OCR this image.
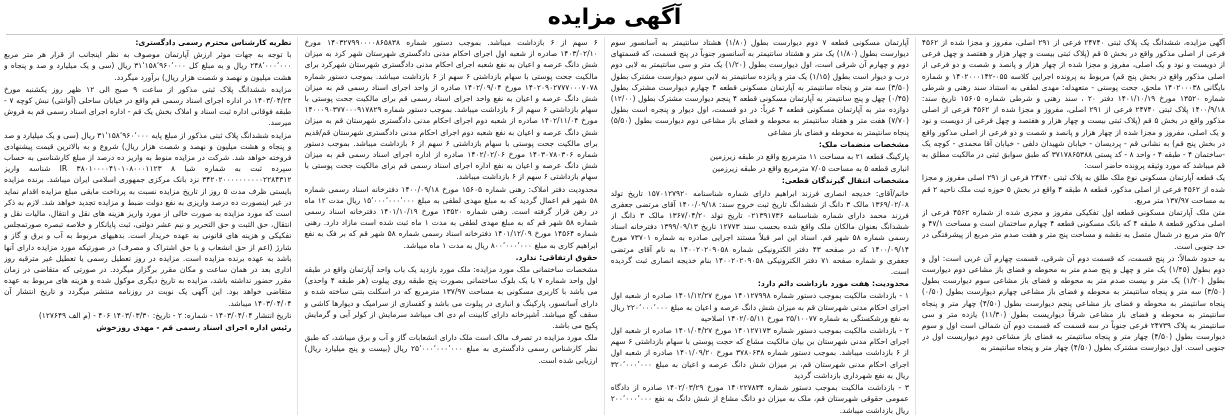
آگهی مزایده

آگهی مزایده، ششدانگ یک پلاک ثبتی ۲۴۷۴۰ فرعی از ۲۹۱ اصلی، مفروز و مجزا شده از ۴۵۶۲ فرعی از اصلی مذکور واقع در بخش ۵ قم (پلاک ثبتی بیست و چهار هزار و هفتصد و چهل فرعی از دویست و نود و یک اصلی، مفروز و مجزا شده از چهار هزار و پانصد و شصت و دو فرعی از اصلی مذکور واقع در بخش پنج قم) مربوط به پرونده اجرایی کلاسه ۰۵۵-۱۴۰۲۰۰۰۱۴۲ و شماره بایگانی ۱۴۰۲۰۰۰۳۸ ملحق، جحت پوستی - متعهدله: مهدی لطفی به استناد سند رهنی و شرطی شماره ۱۳۵۲۰ مورخ ۱۴۰۱/۱۰/۱۹ دفتر ۲۰ ، سند رهنی و شرطی شماره ۱۵۶۰۵ تاریخ سند: ۱۴۰۰/۹/۱۸ پلاک ثبتی ۲۴۷۴۰ فرعی از ۲۹۱ اصلی، مفروز و مجزا شده از ۴۵۶۲ فرعی از اصلی مذکور واقع در بخش ۵ قم (پلاک ثبتی بیست و چهار هزار و هفتصد و چهل فرعی از دویست و نود و یک اصلی، مفروز و مجزا شده از چهار هزار و پانصد و شصت و دو فرعی از اصلی مذکور واقع در بخش پنج قم) به نشانی قم - پردیسان - خیابان شهیدان دلفی - خیابان آقا محمدی - کوچه یک -ساختمان ۴ - طبقه ۴ - واحد ۸ - کد پستی ۳۷۱۷۸۶۵۳۸۸ که طبق سوابق ثبتی در مالکیت مطلق به قم میباشد که مورد وثیقه پرونده حاضر است:

یک قطعه آپارتمان مسکونی نوع ملک طلق به پلاک ثبتی ۲۴۷۴۰ فرعی از ۲۹۱ اصلی مفروز و مجزا شده از ۴۵۶۲ فرعی از اصلی مذکور، قطعه ۸ طبقه ۴ واقع در بخش ۵ حوزه ثبت ملک ناحیه ۲ قم به مساحت ۱۳۷/۹۷ متر مربع.

متن ملک آپارتمان مسکونی قطعه اول تفکیکی مفروز و مجزی شده از شماره ۴۵۶۲ فرعی از اصلی مذکور قطعه ۸ طبقه ۴ که بانک مسکونی قطعه ۴ چهارم ساختمان است و مساحت ۴۷/۱ و ۵/۲ متر مربع در شمال متصل به نقشه و مساحت پنج متر و هفت صدم متر مربع از پیشرفتگی در حد جنوبی است.

به حدود شمالاً: در پنج قسمت، که قسمت دوم آن شرقی، قسمت چهارم آن غربی است: اول و دوم بطول (۱/۴۵) یک متر و چهل و پنج صدم متر به محوطه و فضای باز مشاعی دوم دیوارست بطول (۱/۲۰) یک متر و بیست صدم متر به محوطه و فضای باز مشاعی سوم دیوارست بطول (۳/۵۰) سه متر و پنجاه سانتیمتر به محوطه و فضای باز مشاعی چهارم دیوارست بطول (۰/۵۰) پنجاه سانتیمتر به محوطه و فضای باز مشاعی پنجم دیوارست بطول (۴/۵۰) چهار متر و پنجاه سانتیمتر به محوطه و فضای باز مشاعی شرقاً دیواریست بطول (۱۱/۳۰) یازده متر و سی سانتیمتر به پلاک ۲۴۷۳۹ فرعی جنوباً در سه قسمت که قسمت دوم آن شمالی است اول و سوم دیوارست بطول (۴/۵۰) چهار متر و پنجاه سانتیمتر به فضای باز مشاعی دوم دیواریست اول در جنوبی است. اول دیوارست مشترک بطول (۴/۵۰) چهار متر و پنجاه سانتیمتر به

آپارتمان مسکونی قطعه ۷ دوم دیوارست بطول (۱/۸۰) هشتاد سانتیمتر به آسانسور سوم دیوارست بطول (۱/۸۰) یک متر و هشتاد سانتیمتر به آسانسور جنوباً در پنج قسمت، که قسمتهای دوم و چهارم آن شرقی است، اول دیوارست بطول (۱/۲۰) یک متر و سی سانتیمتر به لابی دوم درب و دیوار است بطول (۱/۱۵) یک متر و پانزده سانتیمتر به لابی سوم دیوارست مشترک بطول (۳/۵۰) سه متر و پنجاه سانتیمتر به آپارتمان مسکونی قطعه ۴ چهارم دیوارست مشترک بطول (۰/۴۵) چهل و پنج سانتیمتر به آپارتمان مسکونی قطعه ۴ پنجم دیوارست مشترک بطول (۱۲/۰۰) دوازده متر به آپارتمان مسکونی قطعه ۴ غرباً: در دو قسمت، اول دیوار و پنجره است بطول (۷/۷۰) هفت متر و هفتاد سانتیمتر به محوطه و فضای باز مشاعی دوم دیوارست بطول (۵/۵۰) پنجاه سانتیمتر به محوطه و فضای باز مشاعی

مشخصات منضمات ملک:

پارکینگ قطعه ۲۱ به مساحت ۱۱ مترمربع واقع در طبقه زیرزمین

انباری قطعه ۵ به مساحت ۷/۰۵ مترمربع واقع در طبقه زیرزمین

مشخصات انتقال گیرندگان قطعی:

خانم/آقای: خدیجه انصاری فرزند ابراهیم دارای شماره شناسنامه ۱۵۷۰۱۲۷۹۲۰ تاریخ تولد ۱۳۶۹/۰۲/۰۸ مالک ۳ دانگ از ششدانگ تاریخ ثبت خروج سند: ۱۴۰۰/۰۹/۱۸ آقای مرتضی جعفری فرزند محمد دارای شماره شناسنامه ۰۲۱۳۹۱۷۳۶ تاریخ تولد ۱۳۶۷/۰۴/۲۰ مالک ۳ دانگ از ششدانگ بعنوان مالکان ملک واقع شده بحسب سند ۱۲۷۷۳ تاریخ ۱۳۹۹/۰۹/۱۳ دفترخانه اسناد رسمی شماره ۵۸ شهر قم. اسناد این امر قبلاً مستند اجرایی صادره به شماره ۷۳۷۰۱ مورخ ۱۴۰۰/۰۹/۱۴ که در صفحه ۴۳ دفتر الکترونیکی شماره ۱۴۰۰۲۰۲۰۹۰۵۸ به نام آقای مرتضی جعفری و شماره صفحه ۷۱ دفتر الکترونیکی ۱۴۰۰۲۰۲۰۹۰۵۸ بنام خدیجه انصاری ثبت گردیده است.

محدودیت: هفت مورد بازداشت دائم دارد:

۱ - بازداشت مالکیت بموجب دستور شماره ۱۴۰۱۲۷۹۹۸ مورخ ۱۴۰۱/۱۲/۲۷ صادره از شعبه اول اجرای احکام مدنی شهرستان قم به میزان شش دانگ عرصه و اعیان به مبلغ ۲۲۰٬۰۰۰٬۰۰۰ ریال به نفع ورشکستگی به شماره ۲۵/۱۰۰۷۷ مورخ ۱۴۰۲/۰۵/۱۱ اصلاحیه

۲ - بازداشت مالکیت بموجب دستور شماره ۱۴۰۱۲۷۱۷۳ مورخ ۱۴۰۱/۰۴/۲۷ صادره از شعبه اول اجرای احکام مدنی شهرستان بن بیان مالکیت مشاع که حجت پوستی با سهام بازداشتی ۶ سهم از ۶ بازداشت میباشد. بموجب دستور شماره ۳۷۸۰۶۳۸ مورخ ۱۴۰۱/۰۹/۲۰ صادره از شعبه اول اجرای احکام مدنی شهرستان قم، بر میزان شش دانگ عرصه و اعیان به مبلغ ۳۲۰٬۰۰۰٬۰۰۰ ریال به نفع شهرداری بازداشت گردید

۳ - بازداشت مالکیت بموجب دستور شماره ۱۴۰۲۲۷۸۳۴ مورخ ۱۴۰۲/۰۳/۲۹ صادره از دادگاه عمومی حقوقی شهرستان قم، ملک به میزان دو دانگ مشاع از شش دانگ به نفع ۲۰۰٬۰۰۰٬۰۰۰ ریال بازداشت میباشد.

۶ سهم از ۶ بازداشت میباشد. بموجب دستور شماره ۱۴۰۳۲۷۹۹۰۰۰۰۸۶۵۸۳۸ مورخ ۱۴۰۳/۰۲/۱۰ صادره از شعبه اول اجرای احکام مدنی دادگستری شهرستان شهر کرد به میزان شش دانگ عرصه و اعیان به نفع شعبه اجرای احکام مدنی دادگستری شهرستان شهرکرد برای مالکیت جحت پوستی با سهام بازداشتی ۶ سهم از ۶ بازداشت میباشد. بموجب دستور شماره ۱۴۰۲۰۹۰۲۷۷۷۰۰۰۷۰۷۸ مورخ ۱۴۰۲/۰۹/۰۴ صادره از واحد اجرای اسناد رسمی قم به میزان شش دانگ عرصه و اعیان به نفع واحد اجرای اسناد رسمی قم برای مالکیت جحت پوستی با سهام بازداشتی ۶ سهم از ۶ بازداشت میباشد. بموجب دستور شماره ۱۴۰۰۰۹۰۳۷۷۰۰۰۹۱۷۸۲۹ مورخ ۱۴۰۲/۱۱/۰۴ صادره از شعبه دوم اجرای احکام مدنی دادگستری شهرستان قم به میزان شش دانگ عرصه و اعیان به نفع شعبه دوم اجرای احکام مدنی دادگستری شهرستان قم/قدیم برای مالکیت جحت پوستی با سهام بازداشتی ۶ سهم از ۶ بازداشت میباشد. بموجب دستور شماره ۱۴۰۳۰۷۸۰۳۰۶ مورخ ۱۴۰۲/۰۲/۰۶ صادره از اداره اجرای اسناد رسمی قم به میزان شش دانگ عرصه و اعیان به نفع اداره اجرای اسناد رسمی قم برای مالکیت جحت پوستی با سهام بازداشتی ۶ سهم از ۶ بازداشت میباشد.

محدودیت دفتر املاک: رهنی شماره ۱۵۶۰۵ مورخ ۱۴۰۰/۰۹/۱۸ دفترخانه اسناد رسمی شماره ۵۸ شهر قم اعمال گردید که به مبلغ مهدی لطفی به مبلغ ۱۵٬۰۰۰٬۰۰۰٬۰۰۰ ریال مدت ۱۲ ماه در رهن قرار گرفته است. رهنی شماره ۱۳۵۲۰ مورخ ۱۴۰۱/۱۰/۱۹ دفترخانه اسناد رسمی شماره ۵۸ شهر قم که به مبلغ مهدی لطفی به مدت ۱ ماه ثبت شده است مازاد دارد. رهنی شماره ۱۴۵۶۴ مورخ ۱۴۰۱/۱۲/۰۹ دفترخانه اسناد رسمی شماره ۵۸ شهر قم که بر فک به نفع ابراهیم کاری به مبلغ ۸۰۰٬۰۰۰٬۰۰۰ ریال به مدت ۱ ماه میباشد.

حقوق ارتفاقی: ندارد.

مشخصات ساختمانی ملک مورد مزایده: ملک مورد بازدید یک باب واحد آپارتمان واقع در طبقه اول واحد شماره ۷ با یک بلوک ساختمانی بصورت پنج طبقه روی پیلوت (هر طبقه ۴ واحدی) می باشد با کاربری مسکونی به مساحت ۱۳۷/۹۷ مترمربع که در اسکلت بتنی ساخته شده و دارای آسانسور، پارکینگ و انباری در پیلوت می باشد و کفسازی از سرامیک و دیوارها کاشی و سقف گچ میباشد. آشپزخانه دارای کابینت ام دی اف میباشد سرمایش از کولر آبی و گرمایش پکیج می باشد.

ملک مورد مزایده در تصرف مالک است ملک دارای انشعابات گاز و آب و برق میباشد، که طبق نظر کارشناس رسمی دادگستری به مبلغ ۲۵٬۰۰۰٬۰۰۰٬۰۰۰ ریال (بیست و پنج میلیارد ریال) ارزیابی شده است.

نظریه کارشناس محترم رسمی دادگستری:

با توجه به جهات موثر ارزش آپارتمان موصوف به نظر اینجانب از قرار هر متر مربع ۲۴۸٬۰۰۰٬۰۰۰ ریال و به مبلغ کل ۳۱٬۱۵۸٬۹۶۰٬۰۰۰ ریال (سی و یک میلیارد و صد و پنجاه و هشت میلیون و نهصد و شصت هزار ریال) برآورد میگردد.

مزایده ششدانگ پلاک ثبتی مذکور از ساعت ۹ صبح الی ۱۲ ظهر روز یکشنبه مورخ ۱۴۰۳/۰۴/۲۳ در اداره اجرای اسناد رسمی قم واقع در خیابان ساحلی (آوانتی) نبش کوچه ۷ - طبقه فوقانی اداره ثبت اسناد و املاک بخش یک قم - اداره اجرای اسناد رسمی قم به فروش میرسد.

مزایده ششدانگ پلاک ثبتی مذکور از مبلغ پایه ۳۱٬۱۵۸٬۹۶۰٬۰۰۰ ریال (سی و یک میلیارد و صد و پنجاه و هشت میلیون و نهصد و شصت هزار ریال) شروع و به بالاترین قیمت پیشنهادی فروخته خواهد شد. شرکت در مزایده منوط به واریز ده درصد از مبلغ کارشناسی به حساب سپرده ثبت به شماره شبا IR ۳۸۰۱۰۰۰۰۴۱۰۱۰۸۰۰۰۱۱۲۳ ۸ شناسه واریز ۳۴۲۰۲۰۰۰۰۰۰۰۰۰۰۲۲۸۴۳۱۲ نزد بانک مرکزی جمهوری اسلامی ایران میباشد. برنده مزایده بایستی ظرف مدت ۵ روز از تاریخ مزایده نسبت به پرداخت مابقی مبلغ مزایده اقدام نماید در غیر اینصورت ده درصد واریزی به نفع دولت ضبط و مزایده تجدید خواهد شد. لازم به ذکر است که مورد مزایده به صورت خالی از مورد واریز هزینه های نقل و انتقال، مالیات نقل و انتقال، حق الثبت و حق التحریر و نیم عشر دولتی، ثبت پایانکار و خلاصه تبصره صورتمجلس تفکیکی و هزینه های قانونی به عهده خریدار است. بدهیهای مربوط به آب و برق و گاز و شارژ (اعم از حق انشعاب و یا حق اشتراک و مصرف) در صورتیکه مورد مزایده دارای آنها باشد به عهده برنده مزایده است. مزایده در روز تعطیل رسمی یا تعطیل غیر مترقبه روز اداری بعد در همان ساعت و مکان مقرر برگزار میگردد. در صورتی که متقاضی در زمان مقرر حضور نداشته باشد، مزایده به تاریخ دیگری موکول شده و هزینه های مربوط به عهده متقاضی خواهد بود. این آگهی یک نوبت در روزنامه منتشر میگردد و تاریخ انتشار آن ۱۴۰۳/۰۴/۰۴ میباشد.

تاریخ انتشار ۱۴۰۳/۰۴/۰۴ - شماره: ۲ - تاریخ: ۱۴۰۳/۰۳/۳۰ ۴۰۶ - (م الف ۱۲۷۶۴۹)

رئیس اداره اجرای اسناد رسمی قم - مهدی روزخوش
